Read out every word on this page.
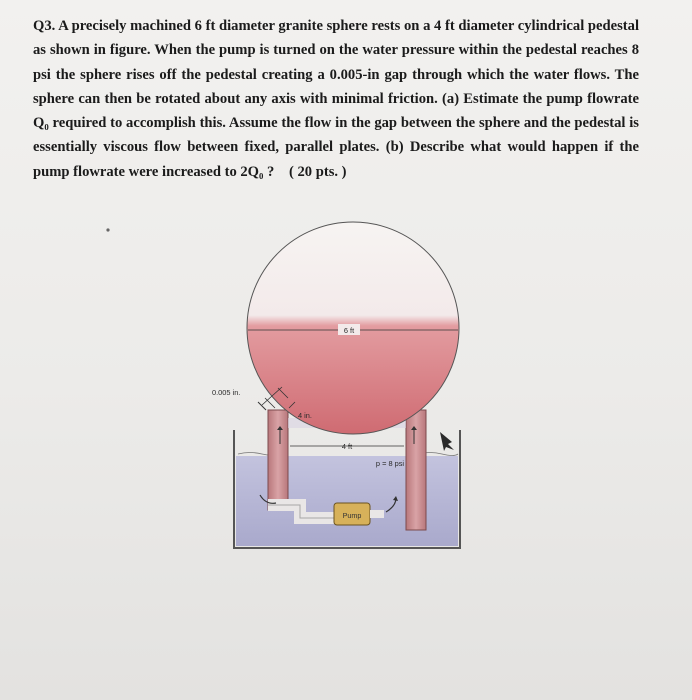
Q3. A precisely machined 6 ft diameter granite sphere rests on a 4 ft diameter cylindrical pedestal as shown in figure. When the pump is turned on the water pressure within the pedestal reaches 8 psi the sphere rises off the pedestal creating a 0.005-in gap through which the water flows. The sphere can then be rotated about any axis with minimal friction. (a) Estimate the pump flowrate Q₀ required to accomplish this. Assume the flow in the gap between the sphere and the pedestal is essentially viscous flow between fixed, parallel plates. (b) Describe what would happen if the pump flowrate were increased to 2Q₀ ? ( 20 pts. )
Pump
6 ft
0.005 in.
4 in.
4 ft
p = 8 psi
